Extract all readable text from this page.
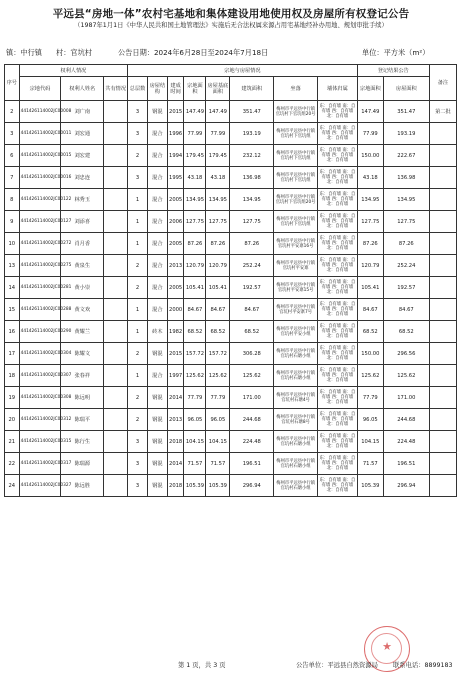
平远县“房地一体”农村宅基地和集体建设用地使用权及房屋所有权登记公告
（1987年1月1日《中华人民共和国土地管理法》实施后无合法权属来源占用宅基地经补办用地、规划审批手续）
镇：中行镇 村：官坑村	公告日期：2024年6月28日至2024年7月18日	单位：平方米（m²）
序号	权利人情况			宗地与房屋情况								登记结果公告		备注
	宗地代码	权利人姓名	共有情况	总层数	房屋结构	建成时间	宗地面积	房屋基底面积	建筑面积	坐落	墙体归属	宗地面积	房屋面积	
2	441426114002JC00008	刘广南		3	钢混	2015	147.49	147.49	351.47	梅州市平远县中行镇官坑村下官坑组20号	东：自有墙 南：自有墙 西：自有墙 北：自有墙	147.49	351.47	第二批
3	441426114002JC00011	刘宏通		3	混合	1996	77.99	77.99	193.19	梅州市平远县中行镇官坑村下官坑组	东：自有墙 南：自有墙 西：自有墙 北：自有墙	77.99	193.19	
6	441426114002JC00015	刘宏建		2	混合	1994	179.45	179.45	232.12	梅州市平远县中行镇官坑村下官坑组	东：自有墙 南：自有墙 西：自有墙 北：自有墙	150.00	222.67	
7	441426114002JC00016	刘忠连		3	混合	1995	43.18	43.18	136.98	梅州市平远县中行镇官坑村下官坑组	东：自有墙 南：自有墙 西：自有墙 北：自有墙	43.18	136.98	
8	441426114002JC00122	林秀玉		1	混合	2005	134.95	134.95	134.95	梅州市平远县中行镇官坑村下官坑组20号	东：自有墙 南：自有墙 西：自有墙 北：自有墙	134.95	134.95	
9	441426114002JC00127	刘添喜		1	混合	2006	127.75	127.75	127.75	梅州市平远县中行镇官坑村下官坑组	东：自有墙 南：自有墙 西：自有墙 北：自有墙	127.75	127.75	
10	441426114002JC00272	肖月香		1	混合	2005	87.26	87.26	87.26	梅州市平远县中行镇官坑村平安寨16号	东：自有墙 南：自有墙 西：自有墙 北：自有墙	87.26	87.26	
13	441426114002JC00275	黄泉生		2	混合	2013	120.79	120.79	252.24	梅州市平远县中行镇官坑村平安寨	东：自有墙 南：自有墙 西：自有墙 北：自有墙	120.79	252.24	
14	441426114002JC00281	黄小崇		2	混合	2005	105.41	105.41	192.57	梅州市平远县中行镇官坑村平安寨15号	东：自有墙 南：自有墙 西：自有墙 北：自有墙	105.41	192.57	
15	441426114002JC00288	黄文欢		1	混合	2000	84.67	84.67	84.67	梅州市平远县中行镇官坑村平安寨7号	东：自有墙 南：自有墙 西：自有墙 北：自有墙	84.67	84.67	
16	441426114002JC00290	黄耀兰		1	砖木	1982	68.52	68.52	68.52	梅州市平远县中行镇官坑村平安小组	东：自有墙 南：自有墙 西：自有墙 北：自有墙	68.52	68.52	
17	441426114002JC00304	陈耀文		2	钢混	2015	157.72	157.72	306.28	梅州市平远县中行镇官坑村石塘小组	东：自有墙 南：自有墙 西：自有墙 北：自有墙	150.00	296.56	
18	441426114002JC00307	张春祥		1	混合	1997	125.62	125.62	125.62	梅州市平远县中行镇官坑村石塘小组	东：自有墙 南：自有墙 西：自有墙 北：自有墙	125.62	125.62	
19	441426114002JC00308	陈远明		2	钢混	2014	77.79	77.79	171.00	梅州市平远县中行镇官坑村石塘4号	东：自有墙 南：自有墙 西：自有墙 北：自有墙	77.79	171.00	
20	441426114002JC00312	陈瑞平		2	钢混	2013	96.05	96.05	244.68	梅州市平远县中行镇官坑村石塘8号	东：自有墙 南：自有墙 西：自有墙 北：自有墙	96.05	244.68	
21	441426114002JC00315	陈行生		3	钢混	2018	104.15	104.15	224.48	梅州市平远县中行镇官坑村石塘小组	东：自有墙 南：自有墙 西：自有墙 北：自有墙	104.15	224.48	
22	441426114002JC00317	陈瑞源		3	钢混	2014	71.57	71.57	196.51	梅州市平远县中行镇官坑村石塘小组	东：自有墙 南：自有墙 西：自有墙 北：自有墙	71.57	196.51	
24	441426114002JC00327	陈远胜		3	钢混	2018	105.39	105.39	296.94	梅州市平远县中行镇官坑村石塘小组	东：自有墙 南：自有墙 西：自有墙 北：自有墙	105.39	296.94	
★
第 1 页，共 3 页	公告单位：平远县自然资源局 联系电话：8899183
